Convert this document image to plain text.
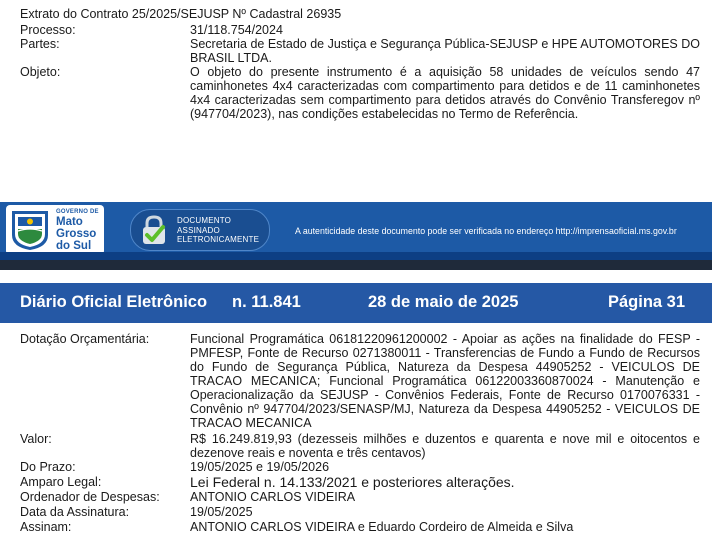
Extrato do Contrato 25/2025/SEJUSP Nº Cadastral 26935
Processo:	31/118.754/2024
Partes:	Secretaria de Estado de Justiça e Segurança Pública-SEJUSP e HPE AUTOMOTORES DO BRASIL LTDA.
Objeto:	O objeto do presente instrumento é a aquisição 58 unidades de veículos sendo 47 caminhonetes 4x4 caracterizadas com compartimento para detidos e de 11 caminhonetes 4x4 caracterizadas sem compartimento para detidos através do Convênio Transferegov nº (947704/2023), nas condições estabelecidas no Termo de Referência.
GOVERNO DE
Mato
Grosso
do Sul
DOCUMENTO
ASSINADO
ELETRONICAMENTE
A autenticidade deste documento pode ser verificada no endereço http://imprensaoficial.ms.gov.br
Diário Oficial Eletrônico n. 11.841	28 de maio de 2025	Página 31
Dotação Orçamentária:	Funcional Programática 06181220961200002 - Apoiar as ações na finalidade do FESP - PMFESP, Fonte de Recurso 0271380011 - Transferencias de Fundo a Fundo de Recursos do Fundo de Segurança Pública, Natureza da Despesa 44905252 - VEICULOS DE TRACAO MECANICA; Funcional Programática 06122003360870024 - Manutenção e Operacionalização da SEJUSP - Convênios Federais, Fonte de Recurso 0170076331 - Convênio nº 947704/2023/SENASP/MJ, Natureza da Despesa 44905252 - VEICULOS DE TRACAO MECANICA
Valor:	R$ 16.249.819,93 (dezesseis milhões e duzentos e quarenta e nove mil e oitocentos e dezenove reais e noventa e três centavos)
Do Prazo:	19/05/2025 e 19/05/2026
Amparo Legal:	Lei Federal n. 14.133/2021 e posteriores alterações.
Ordenador de Despesas:	ANTONIO CARLOS VIDEIRA
Data da Assinatura:	19/05/2025
Assinam:	ANTONIO CARLOS VIDEIRA e Eduardo Cordeiro de Almeida e Silva
